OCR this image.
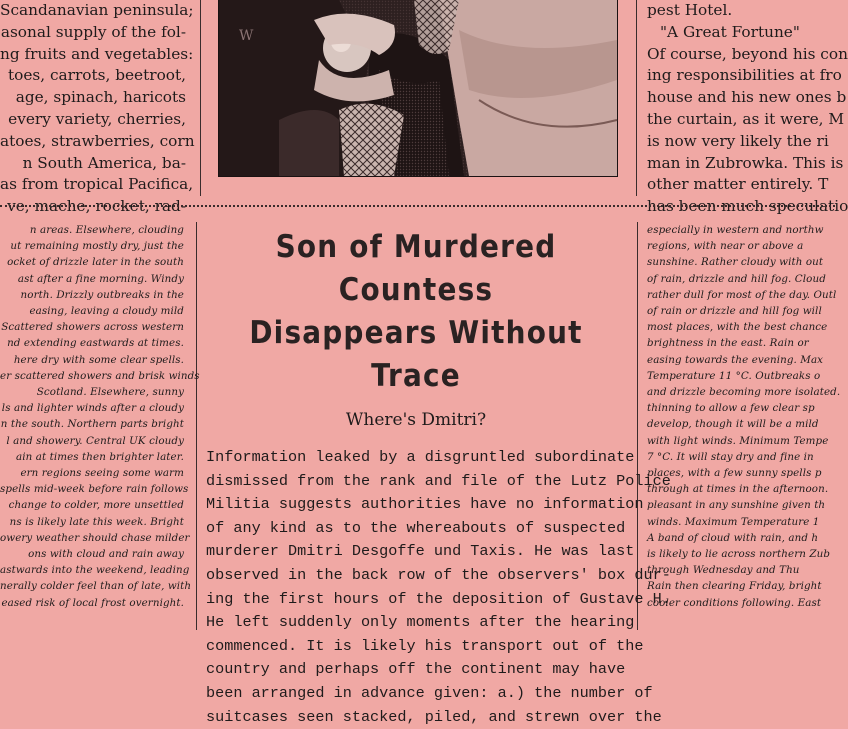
Scandanavian peninsula;
asonal supply of the fol-
ng fruits and vegetables:
toes, carrots, beetroot,
age, spinach, haricots
every variety, cherries,
atoes, strawberries, corn
n South America, ba-
as from tropical Pacifica,
ve, mache, rocket, rad-
W
pest Hotel.
"A Great Fortune"
Of course, beyond his con
ing responsibilities at fro
house and his new ones b
the curtain, as it were, M
is now very likely the ri
man in Zubrowka. This is
other matter entirely. T
has been much speculatio
n areas. Elsewhere, clouding
ut remaining mostly dry, just the
ocket of drizzle later in the south
ast after a fine morning. Windy
north. Drizzly outbreaks in the
easing, leaving a cloudy mild
Scattered showers across western
nd extending eastwards at times.
here dry with some clear spells.
er scattered showers and brisk winds
Scotland. Elsewhere, sunny
ls and lighter winds after a cloudy
n the south. Northern parts bright
l and showery. Central UK cloudy
ain at times then brighter later.
ern regions seeing some warm
spells mid-week before rain follows
change to colder, more unsettled
ns is likely late this week. Bright
owery weather should chase milder
ons with cloud and rain away
astwards into the weekend, leading
nerally colder feel than of late, with
eased risk of local frost overnight.
Son of Murdered Countess
Disappears Without Trace
Where's Dmitri?
Information leaked by a disgruntled subordinate
dismissed from the rank and file of the Lutz Police
Militia suggests authorities have no information
of any kind as to the whereabouts of suspected
murderer Dmitri Desgoffe und Taxis. He was last
observed in the back row of the observers' box dur-
ing the first hours of the deposition of Gustave H.
He left suddenly only moments after the hearing
commenced. It is likely his transport out of the
country and perhaps off the continent may have
been arranged in advance given: a.) the number of
suitcases seen stacked, piled, and strewn over the
especially in western and northw
regions, with near or above a
sunshine. Rather cloudy with out
of rain, drizzle and hill fog. Cloud
rather dull for most of the day. Outl
of rain or drizzle and hill fog will
most places, with the best chance
brightness in the east. Rain or
easing towards the evening. Max
Temperature 11 °C. Outbreaks o
and drizzle becoming more isolated.
thinning to allow a few clear sp
develop, though it will be a mild
with light winds. Minimum Tempe
7 °C. It will stay dry and fine in
places, with a few sunny spells p
through at times in the afternoon.
pleasant in any sunshine given th
winds. Maximum Temperature 1
A band of cloud with rain, and h
is likely to lie across northern Zub
through Wednesday and Thu
Rain then clearing Friday, bright
cooler conditions following. East
